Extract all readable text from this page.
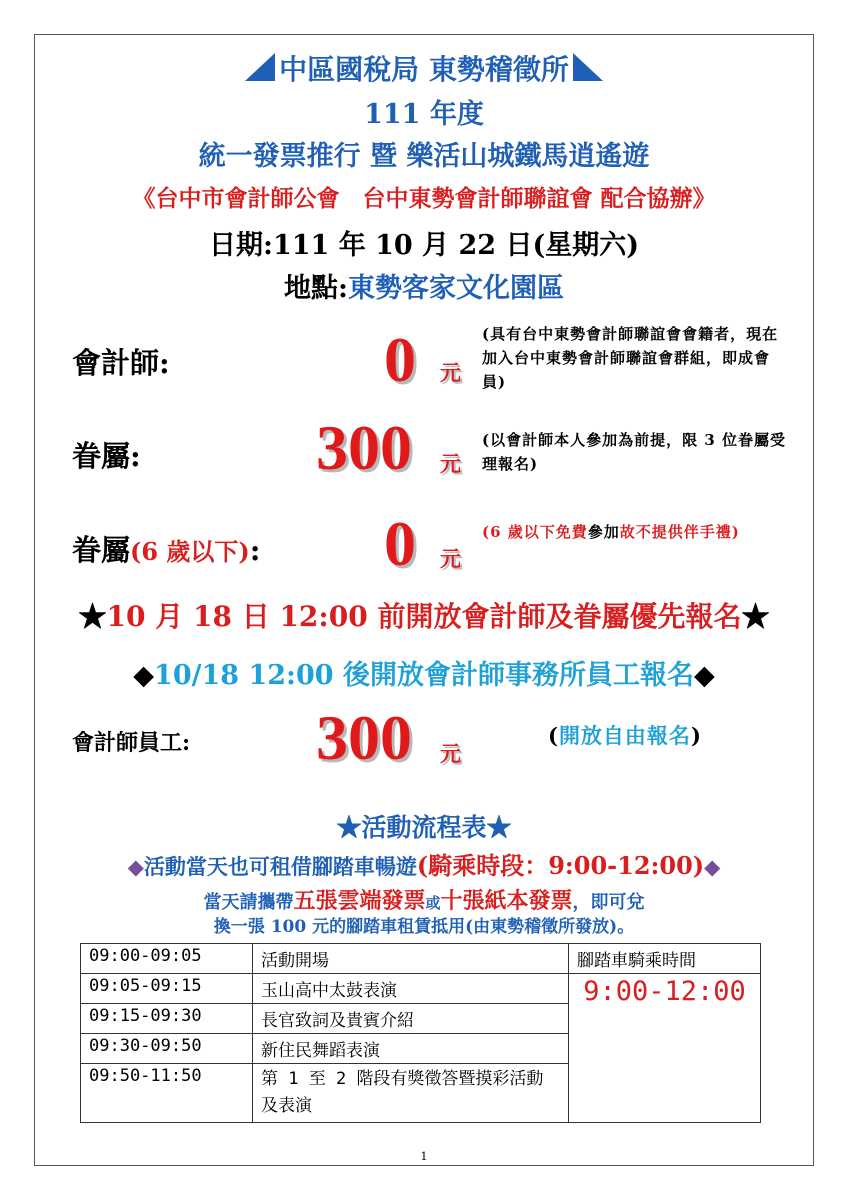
中區國稅局 東勢稽徵所
111 年度
統一發票推行 暨 樂活山城鐵馬逍遙遊
《台中市會計師公會　台中東勢會計師聯誼會 配合協辦》
日期:111 年 10 月 22 日(星期六)
地點:東勢客家文化園區
會計師:	0 元
(具有台中東勢會計師聯誼會會籍者，現在加入台中東勢會計師聯誼會群組，即成會員)
眷屬:	300 元
(以會計師本人參加為前提，限 3 位眷屬受理報名)
眷屬(6 歲以下): 0 元
(6 歲以下免費參加故不提供伴手禮)
★10 月 18 日 12:00 前開放會計師及眷屬優先報名★
◆10/18 12:00 後開放會計師事務所員工報名◆
會計師員工: 300 元
(開放自由報名)
★活動流程表★
◆活動當天也可租借腳踏車暢遊(騎乘時段：9:00-12:00)◆
當天請攜帶五張雲端發票或十張紙本發票，即可兌
換一張 100 元的腳踏車租賃抵用(由東勢稽徵所發放)。
09:00-09:05	活動開場	腳踏車騎乘時間
09:05-09:15	玉山高中太鼓表演	9:00-12:00
09:15-09:30	長官致詞及貴賓介紹	
09:30-09:50	新住民舞蹈表演	
09:50-11:50	第 1 至 2 階段有獎徵答暨摸彩活動及表演	
1
